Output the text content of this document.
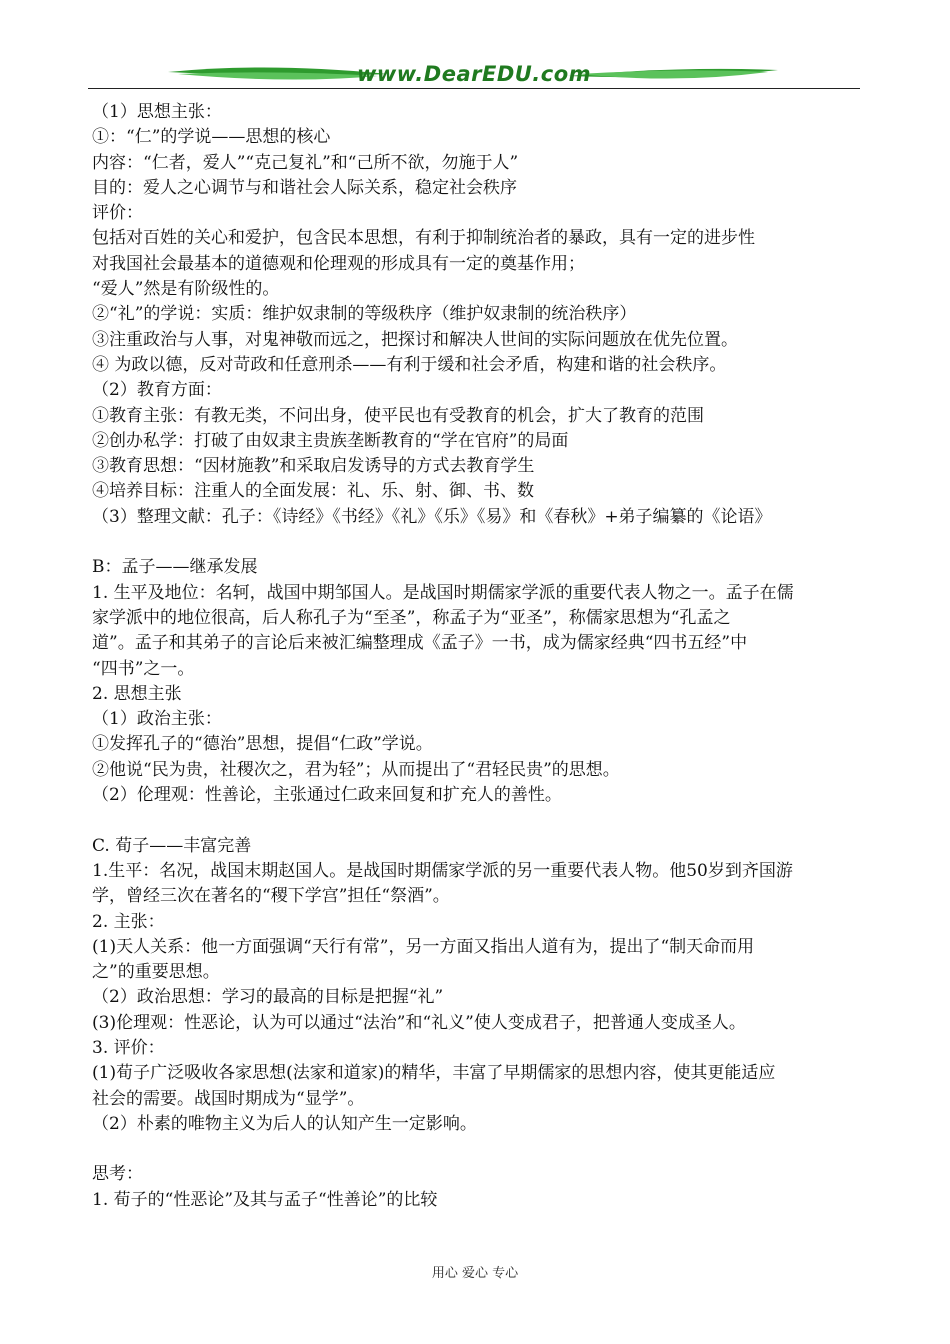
www.DearEDU.com
（1）思想主张：
①：“仁”的学说——思想的核心
内容：“仁者，爱人”“克己复礼”和“己所不欲，勿施于人”
目的：爱人之心调节与和谐社会人际关系，稳定社会秩序
评价：
包括对百姓的关心和爱护，包含民本思想，有利于抑制统治者的暴政，具有一定的进步性
对我国社会最基本的道德观和伦理观的形成具有一定的奠基作用；
“爱人”然是有阶级性的。
②“礼”的学说：实质：维护奴隶制的等级秩序（维护奴隶制的统治秩序）
③注重政治与人事，对鬼神敬而远之，把探讨和解决人世间的实际问题放在优先位置。
④ 为政以德，反对苛政和任意刑杀——有利于缓和社会矛盾，构建和谐的社会秩序。
（2）教育方面：
①教育主张：有教无类，不问出身，使平民也有受教育的机会，扩大了教育的范围
②创办私学：打破了由奴隶主贵族垄断教育的“学在官府”的局面
③教育思想：“因材施教”和采取启发诱导的方式去教育学生
④培养目标：注重人的全面发展：礼、乐、射、御、书、数
（3）整理文献：孔子：《诗经》《书经》《礼》《乐》《易》和《春秋》+弟子编纂的《论语》
B：孟子——继承发展
1. 生平及地位：名轲，战国中期邹国人。是战国时期儒家学派的重要代表人物之一。孟子在儒
家学派中的地位很高，后人称孔子为“至圣”，称孟子为“亚圣”，称儒家思想为“孔孟之
道”。孟子和其弟子的言论后来被汇编整理成《孟子》一书，成为儒家经典“四书五经”中
“四书”之一。
2. 思想主张
（1）政治主张：
①发挥孔子的“德治”思想，提倡“仁政”学说。
②他说“民为贵，社稷次之，君为轻”；从而提出了“君轻民贵”的思想。
（2）伦理观：性善论，主张通过仁政来回复和扩充人的善性。
C. 荀子——丰富完善
1.生平：名况，战国末期赵国人。是战国时期儒家学派的另一重要代表人物。他50岁到齐国游
学，曾经三次在著名的“稷下学宫”担任“祭酒”。
2. 主张：
(1)天人关系：他一方面强调“天行有常”，另一方面又指出人道有为，提出了“制天命而用
之”的重要思想。
（2）政治思想：学习的最高的目标是把握“礼”
(3)伦理观：性恶论，认为可以通过“法治”和“礼义”使人变成君子，把普通人变成圣人。
3. 评价：
(1)荀子广泛吸收各家思想(法家和道家)的精华，丰富了早期儒家的思想内容，使其更能适应
社会的需要。战国时期成为“显学”。
（2）朴素的唯物主义为后人的认知产生一定影响。
思考：
1. 荀子的“性恶论”及其与孟子“性善论”的比较
用心 爱心 专心
